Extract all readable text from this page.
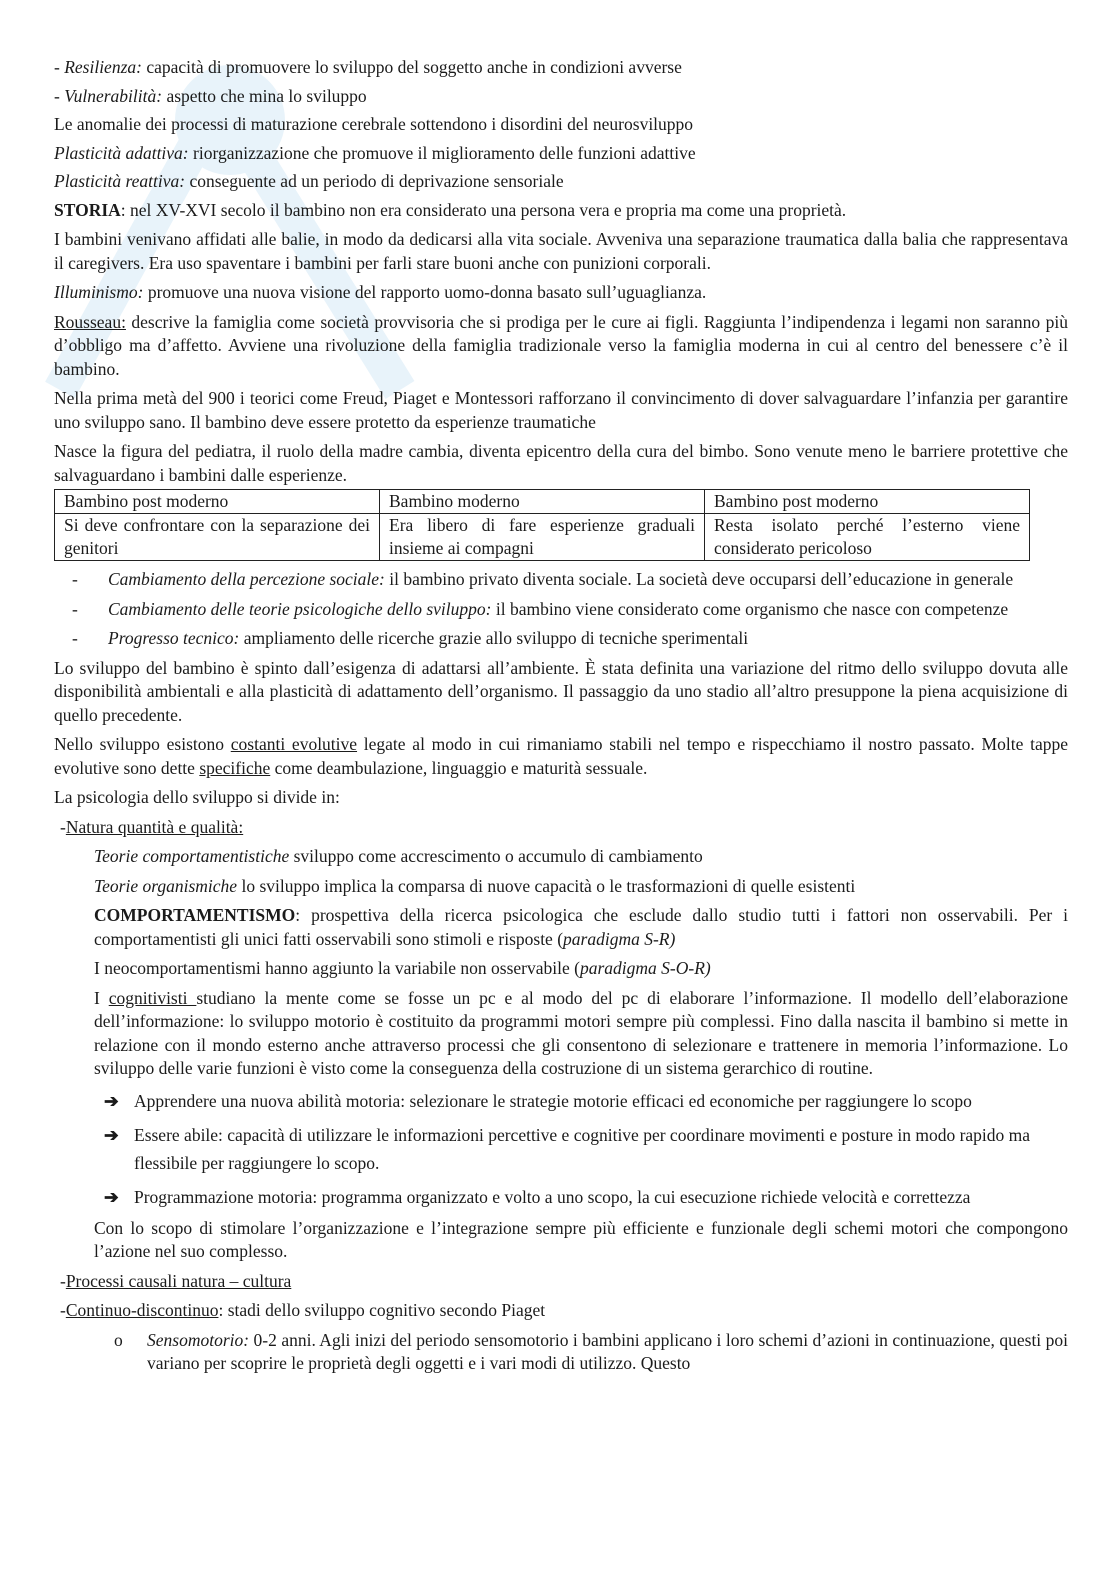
- Resilienza: capacità di promuovere lo sviluppo del soggetto anche in condizioni avverse

- Vulnerabilità: aspetto che mina lo sviluppo

Le anomalie dei processi di maturazione cerebrale sottendono i disordini del neurosviluppo

Plasticità adattiva: riorganizzazione che promuove il miglioramento delle funzioni adattive

Plasticità reattiva: conseguente ad un periodo di deprivazione sensoriale

STORIA: nel XV-XVI secolo il bambino non era considerato una persona vera e propria ma come una proprietà.

I bambini venivano affidati alle balie, in modo da dedicarsi alla vita sociale. Avveniva una separazione traumatica dalla balia che rappresentava il caregivers. Era uso spaventare i bambini per farli stare buoni anche con punizioni corporali.

Illuminismo: promuove una nuova visione del rapporto uomo-donna basato sull’uguaglianza.

Rousseau: descrive la famiglia come società provvisoria che si prodiga per le cure ai figli. Raggiunta l’indipendenza i legami non saranno più d’obbligo ma d’affetto. Avviene una rivoluzione della famiglia tradizionale verso la famiglia moderna in cui al centro del benessere c’è il bambino.

Nella prima metà del 900 i teorici come Freud, Piaget e Montessori rafforzano il convincimento di dover salvaguardare l’infanzia per garantire uno sviluppo sano. Il bambino deve essere protetto da esperienze traumatiche

Nasce la figura del pediatra, il ruolo della madre cambia, diventa epicentro della cura del bimbo. Sono venute meno le barriere protettive che salvaguardano i bambini dalle esperienze.

Bambino post moderno	Bambino moderno	Bambino post moderno
Si deve confrontare con la separazione dei genitori	Era libero di fare esperienze graduali insieme ai compagni	Resta isolato perché l’esterno viene considerato pericoloso
- Cambiamento della percezione sociale: il bambino privato diventa sociale. La società deve occuparsi dell’educazione in generale
- Cambiamento delle teorie psicologiche dello sviluppo: il bambino viene considerato come organismo che nasce con competenze
- Progresso tecnico: ampliamento delle ricerche grazie allo sviluppo di tecniche sperimentali

Lo sviluppo del bambino è spinto dall’esigenza di adattarsi all’ambiente. È stata definita una variazione del ritmo dello sviluppo dovuta alle disponibilità ambientali e alla plasticità di adattamento dell’organismo. Il passaggio da uno stadio all’altro presuppone la piena acquisizione di quello precedente.

Nello sviluppo esistono costanti evolutive legate al modo in cui rimaniamo stabili nel tempo e rispecchiamo il nostro passato. Molte tappe evolutive sono dette specifiche come deambulazione, linguaggio e maturità sessuale.

La psicologia dello sviluppo si divide in:

-Natura quantità e qualità:

Teorie comportamentistiche sviluppo come accrescimento o accumulo di cambiamento

Teorie organismiche lo sviluppo implica la comparsa di nuove capacità o le trasformazioni di quelle esistenti

COMPORTAMENTISMO: prospettiva della ricerca psicologica che esclude dallo studio tutti i fattori non osservabili. Per i comportamentisti gli unici fatti osservabili sono stimoli e risposte (paradigma S-R)

I neocomportamentismi hanno aggiunto la variabile non osservabile (paradigma S-O-R)

I cognitivisti studiano la mente come se fosse un pc e al modo del pc di elaborare l’informazione. Il modello dell’elaborazione dell’informazione: lo sviluppo motorio è costituito da programmi motori sempre più complessi. Fino dalla nascita il bambino si mette in relazione con il mondo esterno anche attraverso processi che gli consentono di selezionare e trattenere in memoria l’informazione. Lo sviluppo delle varie funzioni è visto come la conseguenza della costruzione di un sistema gerarchico di routine.

➔ Apprendere una nuova abilità motoria: selezionare le strategie motorie efficaci ed economiche per raggiungere lo scopo
➔ Essere abile: capacità di utilizzare le informazioni percettive e cognitive per coordinare movimenti e posture in modo rapido ma flessibile per raggiungere lo scopo.
➔ Programmazione motoria: programma organizzato e volto a uno scopo, la cui esecuzione richiede velocità e correttezza

Con lo scopo di stimolare l’organizzazione e l’integrazione sempre più efficiente e funzionale degli schemi motori che compongono l’azione nel suo complesso.

-Processi causali natura – cultura

-Continuo-discontinuo: stadi dello sviluppo cognitivo secondo Piaget

o Sensomotorio: 0-2 anni. Agli inizi del periodo sensomotorio i bambini applicano i loro schemi d’azioni in continuazione, questi poi variano per scoprire le proprietà degli oggetti e i vari modi di utilizzo. Questo
